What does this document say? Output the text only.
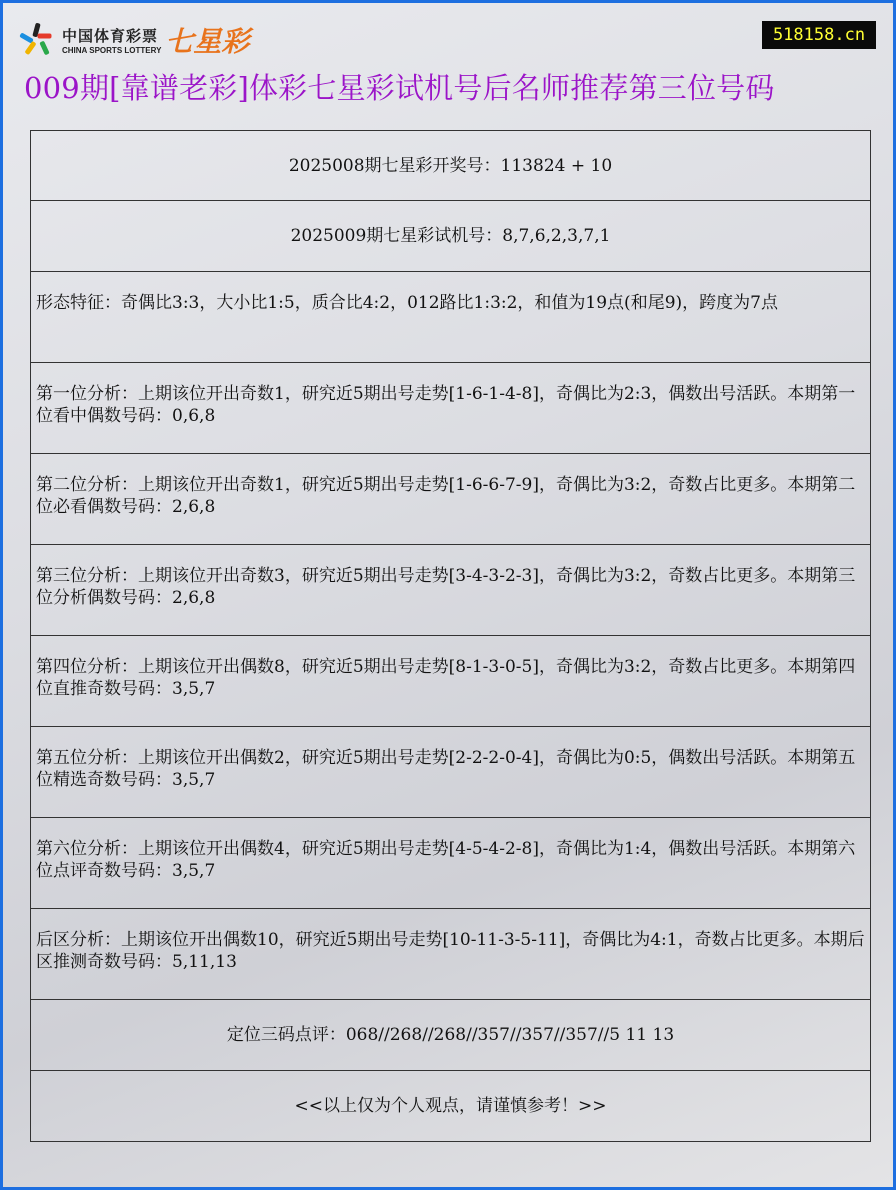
中国体育彩票
CHINA SPORTS LOTTERY 七星彩	518158.cn
009期[靠谱老彩]体彩七星彩试机号后名师推荐第三位号码
2025008期七星彩开奖号：113824 + 10
2025009期七星彩试机号：8,7,6,2,3,7,1
形态特征：奇偶比3:3，大小比1:5，质合比4:2，012路比1:3:2，和值为19点(和尾9)，跨度为7点
第一位分析：上期该位开出奇数1，研究近5期出号走势[1-6-1-4-8]，奇偶比为2:3，偶数出号活跃。本期第一位看中偶数号码：0,6,8
第二位分析：上期该位开出奇数1，研究近5期出号走势[1-6-6-7-9]，奇偶比为3:2，奇数占比更多。本期第二位必看偶数号码：2,6,8
第三位分析：上期该位开出奇数3，研究近5期出号走势[3-4-3-2-3]，奇偶比为3:2，奇数占比更多。本期第三位分析偶数号码：2,6,8
第四位分析：上期该位开出偶数8，研究近5期出号走势[8-1-3-0-5]，奇偶比为3:2，奇数占比更多。本期第四位直推奇数号码：3,5,7
第五位分析：上期该位开出偶数2，研究近5期出号走势[2-2-2-0-4]，奇偶比为0:5，偶数出号活跃。本期第五位精选奇数号码：3,5,7
第六位分析：上期该位开出偶数4，研究近5期出号走势[4-5-4-2-8]，奇偶比为1:4，偶数出号活跃。本期第六位点评奇数号码：3,5,7
后区分析：上期该位开出偶数10，研究近5期出号走势[10-11-3-5-11]，奇偶比为4:1，奇数占比更多。本期后区推测奇数号码：5,11,13
定位三码点评：068//268//268//357//357//357//5 11 13
<<以上仅为个人观点，请谨慎参考！>>
